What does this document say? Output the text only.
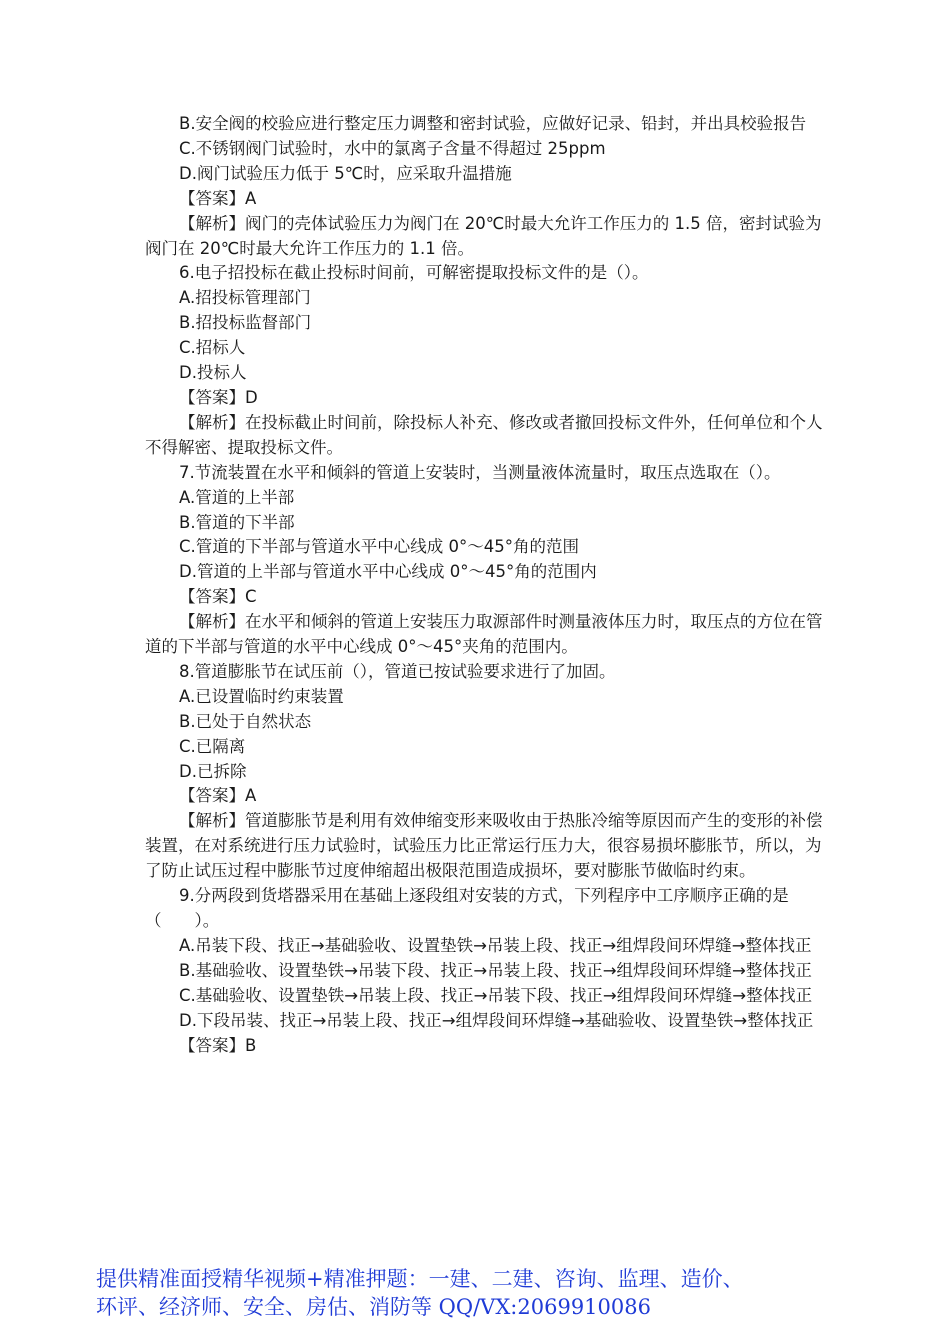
B.安全阀的校验应进行整定压力调整和密封试验，应做好记录、铅封，并出具校验报告

C.不锈钢阀门试验时，水中的氯离子含量不得超过 25ppm

D.阀门试验压力低于 5℃时，应采取升温措施

【答案】A

【解析】阀门的壳体试验压力为阀门在 20℃时最大允许工作压力的 1.5 倍，密封试验为阀门在 20℃时最大允许工作压力的 1.1 倍。

6.电子招投标在截止投标时间前，可解密提取投标文件的是（）。

A.招投标管理部门

B.招投标监督部门

C.招标人

D.投标人

【答案】D

【解析】在投标截止时间前，除投标人补充、修改或者撤回投标文件外，任何单位和个人不得解密、提取投标文件。

7.节流装置在水平和倾斜的管道上安装时，当测量液体流量时，取压点选取在（）。

A.管道的上半部

B.管道的下半部

C.管道的下半部与管道水平中心线成 0°～45°角的范围

D.管道的上半部与管道水平中心线成 0°～45°角的范围内

【答案】C

【解析】在水平和倾斜的管道上安装压力取源部件时测量液体压力时，取压点的方位在管道的下半部与管道的水平中心线成 0°～45°夹角的范围内。

8.管道膨胀节在试压前（），管道已按试验要求进行了加固。

A.已设置临时约束装置

B.已处于自然状态

C.已隔离

D.已拆除

【答案】A

【解析】管道膨胀节是利用有效伸缩变形来吸收由于热胀冷缩等原因而产生的变形的补偿装置，在对系统进行压力试验时，试验压力比正常运行压力大，很容易损坏膨胀节，所以，为了防止试压过程中膨胀节过度伸缩超出极限范围造成损坏，要对膨胀节做临时约束。

9.分两段到货塔器采用在基础上逐段组对安装的方式，下列程序中工序顺序正确的是（　　）。

A.吊装下段、找正→基础验收、设置垫铁→吊装上段、找正→组焊段间环焊缝→整体找正

B.基础验收、设置垫铁→吊装下段、找正→吊装上段、找正→组焊段间环焊缝→整体找正

C.基础验收、设置垫铁→吊装上段、找正→吊装下段、找正→组焊段间环焊缝→整体找正

D.下段吊装、找正→吊装上段、找正→组焊段间环焊缝→基础验收、设置垫铁→整体找正

【答案】B

提供精准面授精华视频+精准押题：一建、二建、咨询、监理、造价、
环评、经济师、安全、房估、消防等 QQ/VX:2069910086
